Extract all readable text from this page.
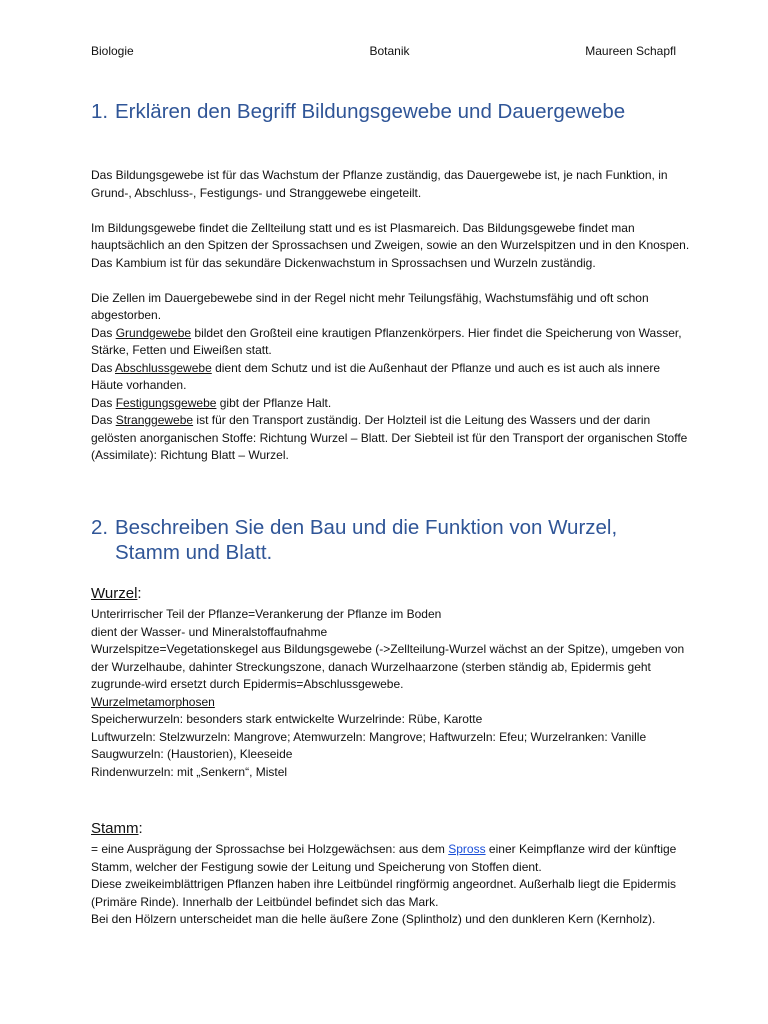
Biologie	Botanik	Maureen Schapfl
1. Erklären den Begriff Bildungsgewebe und Dauergewebe

Das Bildungsgewebe ist für das Wachstum der Pflanze zuständig, das Dauergewebe ist, je nach Funktion, in Grund-, Abschluss-, Festigungs- und Stranggewebe eingeteilt.

Im Bildungsgewebe findet die Zellteilung statt und es ist Plasmareich. Das Bildungsgewebe findet man hauptsächlich an den Spitzen der Sprossachsen und Zweigen, sowie an den Wurzelspitzen und in den Knospen.

Das Kambium ist für das sekundäre Dickenwachstum in Sprossachsen und Wurzeln zuständig.

Die Zellen im Dauergebewebe sind in der Regel nicht mehr Teilungsfähig, Wachstumsfähig und oft schon abgestorben.

Das Grundgewebe bildet den Großteil eine krautigen Pflanzenkörpers. Hier findet die Speicherung von Wasser, Stärke, Fetten und Eiweißen statt.

Das Abschlussgewebe dient dem Schutz und ist die Außenhaut der Pflanze und auch es ist auch als innere Häute vorhanden.

Das Festigungsgewebe gibt der Pflanze Halt.

Das Stranggewebe ist für den Transport zuständig. Der Holzteil ist die Leitung des Wassers und der darin gelösten anorganischen Stoffe: Richtung Wurzel – Blatt. Der Siebteil ist für den Transport der organischen Stoffe (Assimilate): Richtung Blatt – Wurzel.

2. Beschreiben Sie den Bau und die Funktion von Wurzel, Stamm und Blatt.
Wurzel:

Unterirrischer Teil der Pflanze=Verankerung der Pflanze im Boden

dient der Wasser- und Mineralstoffaufnahme

Wurzelspitze=Vegetationskegel aus Bildungsgewebe (->Zellteilung-Wurzel wächst an der Spitze), umgeben von der Wurzelhaube, dahinter Streckungszone, danach Wurzelhaarzone (sterben ständig ab, Epidermis geht zugrunde-wird ersetzt durch Epidermis=Abschlussgewebe.

Wurzelmetamorphosen

Speicherwurzeln: besonders stark entwickelte Wurzelrinde: Rübe, Karotte

Luftwurzeln: Stelzwurzeln: Mangrove; Atemwurzeln: Mangrove; Haftwurzeln: Efeu; Wurzelranken: Vanille

Saugwurzeln: (Haustorien), Kleeseide

Rindenwurzeln: mit „Senkern“, Mistel

Stamm:

= eine Ausprägung der Sprossachse bei Holzgewächsen: aus dem Spross einer Keimpflanze wird der künftige Stamm, welcher der Festigung sowie der Leitung und Speicherung von Stoffen dient.

Diese zweikeimblättrigen Pflanzen haben ihre Leitbündel ringförmig angeordnet. Außerhalb liegt die Epidermis (Primäre Rinde). Innerhalb der Leitbündel befindet sich das Mark.

Bei den Hölzern unterscheidet man die helle äußere Zone (Splintholz) und den dunkleren Kern (Kernholz).
